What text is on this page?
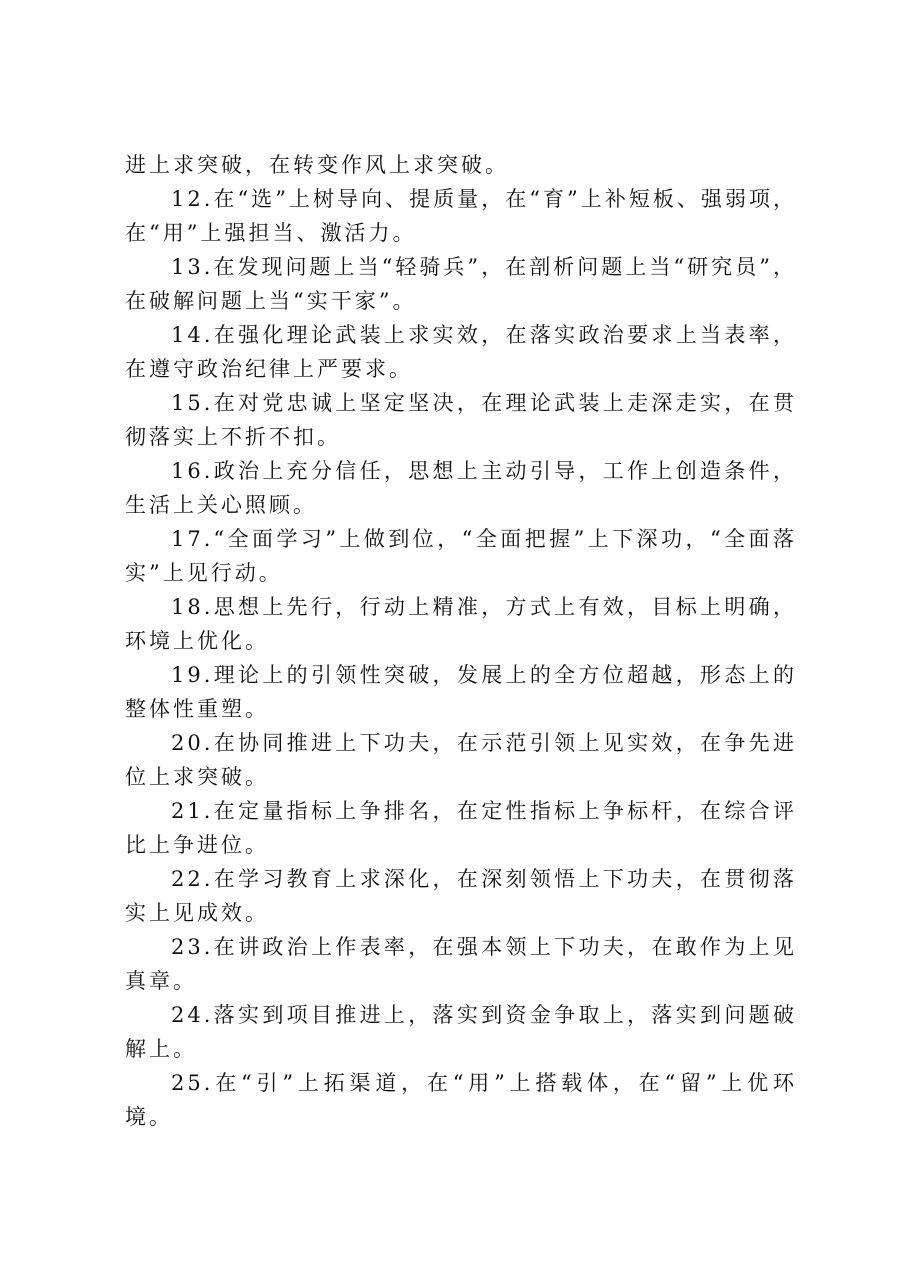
进上求突破，在转变作风上求突破。

12.在“选”上树导向、提质量，在“育”上补短板、强弱项，在“用”上强担当、激活力。

13.在发现问题上当“轻骑兵”，在剖析问题上当“研究员”，在破解问题上当“实干家”。

14.在强化理论武装上求实效，在落实政治要求上当表率，在遵守政治纪律上严要求。

15.在对党忠诚上坚定坚决，在理论武装上走深走实，在贯彻落实上不折不扣。

16.政治上充分信任，思想上主动引导，工作上创造条件，生活上关心照顾。

17.“全面学习”上做到位，“全面把握”上下深功，“全面落实”上见行动。

18.思想上先行，行动上精准，方式上有效，目标上明确，环境上优化。

19.理论上的引领性突破，发展上的全方位超越，形态上的整体性重塑。

20.在协同推进上下功夫，在示范引领上见实效，在争先进位上求突破。

21.在定量指标上争排名，在定性指标上争标杆，在综合评比上争进位。

22.在学习教育上求深化，在深刻领悟上下功夫，在贯彻落实上见成效。

23.在讲政治上作表率，在强本领上下功夫，在敢作为上见真章。

24.落实到项目推进上，落实到资金争取上，落实到问题破解上。

25.在“引”上拓渠道，在“用”上搭载体，在“留”上优环境。
